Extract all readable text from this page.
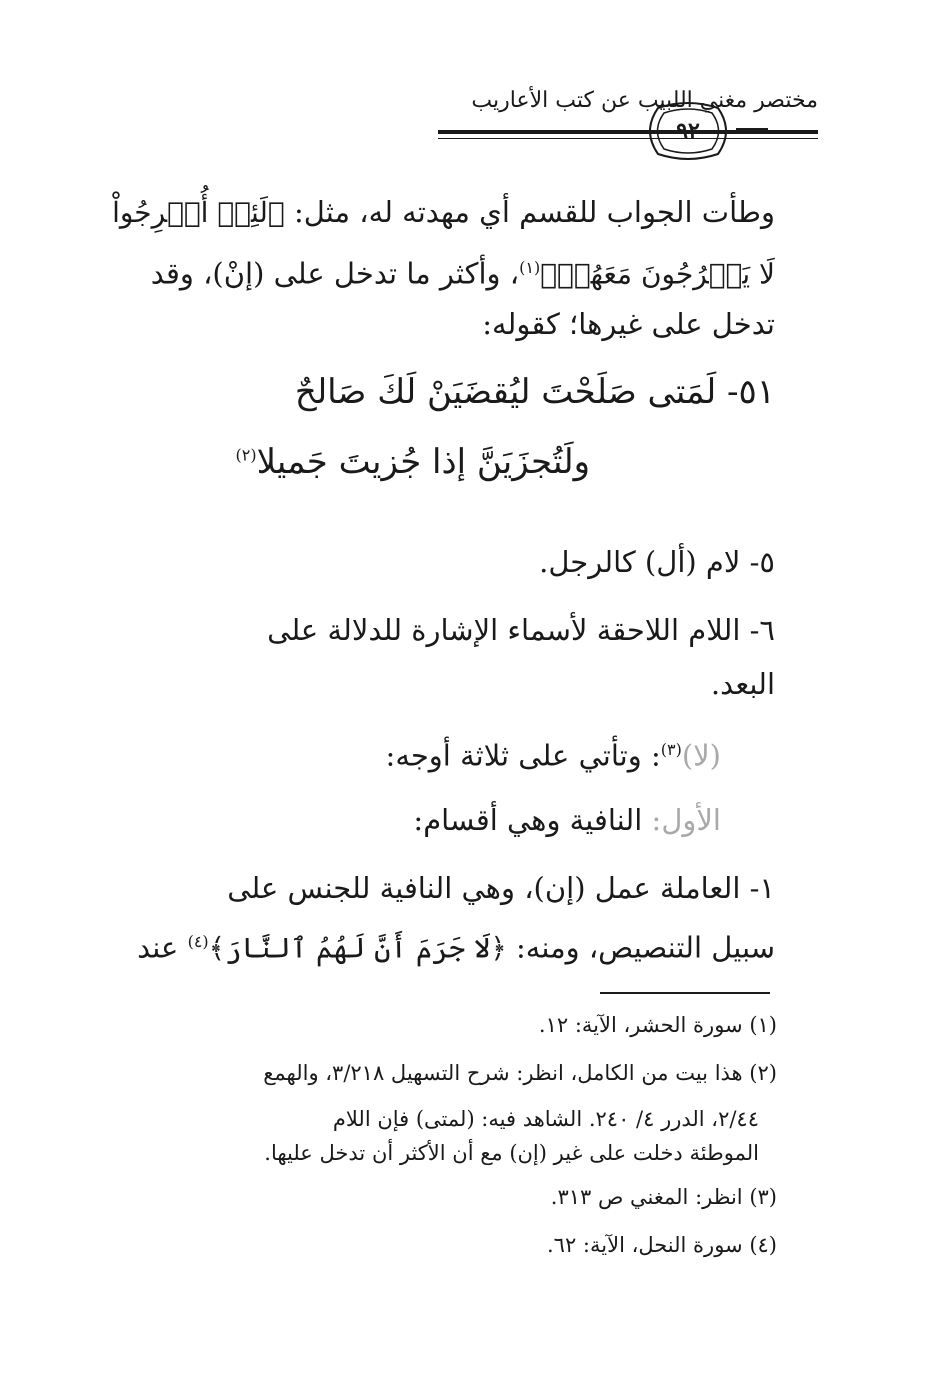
مختصر مغني اللبيب عن كتب الأعاريب
٩٢
وطأت الجواب للقسم أي مهدته له، مثل: ﴿لَئِنۡ أُخۡرِجُواْ
لَا يَخۡرُجُونَ مَعَهُمۡ﴾$^{(١)}$، وأكثر ما تدخل على (إنْ)، وقد
تدخل على غيرها؛ كقوله:
٥١- لَمَتى صَلَحْتَ ليُقضَيَنْ لَكَ صَالحٌ
ولَتُجزَيَنَّ إذا جُزيتَ جَميلا$^{(٢)}$
٥- لام (أل) كالرجل.
٦- اللام اللاحقة لأسماء الإشارة للدلالة على
البعد.
(لا)$^{(٣)}$: وتأتي على ثلاثة أوجه:
الأول: النافية وهي أقسام:
١- العاملة عمل (إن)، وهي النافية للجنس على
سبيل التنصيص، ومنه: ﴿لَا جَرَمَ أَنَّ لَهُمُ ٱلنَّارَ﴾$^{(٤)}$ عند
(١) سورة الحشر، الآية: ١٢.
(٢) هذا بيت من الكامل، انظر: شرح التسهيل ٣/٢١٨، والهمع
٢/٤٤، الدرر ٤/ ٢٤٠. الشاهد فيه: (لمتى) فإن اللام
الموطئة دخلت على غير (إن) مع أن الأكثر أن تدخل عليها.
(٣) انظر: المغني ص ٣١٣.
(٤) سورة النحل، الآية: ٦٢.
